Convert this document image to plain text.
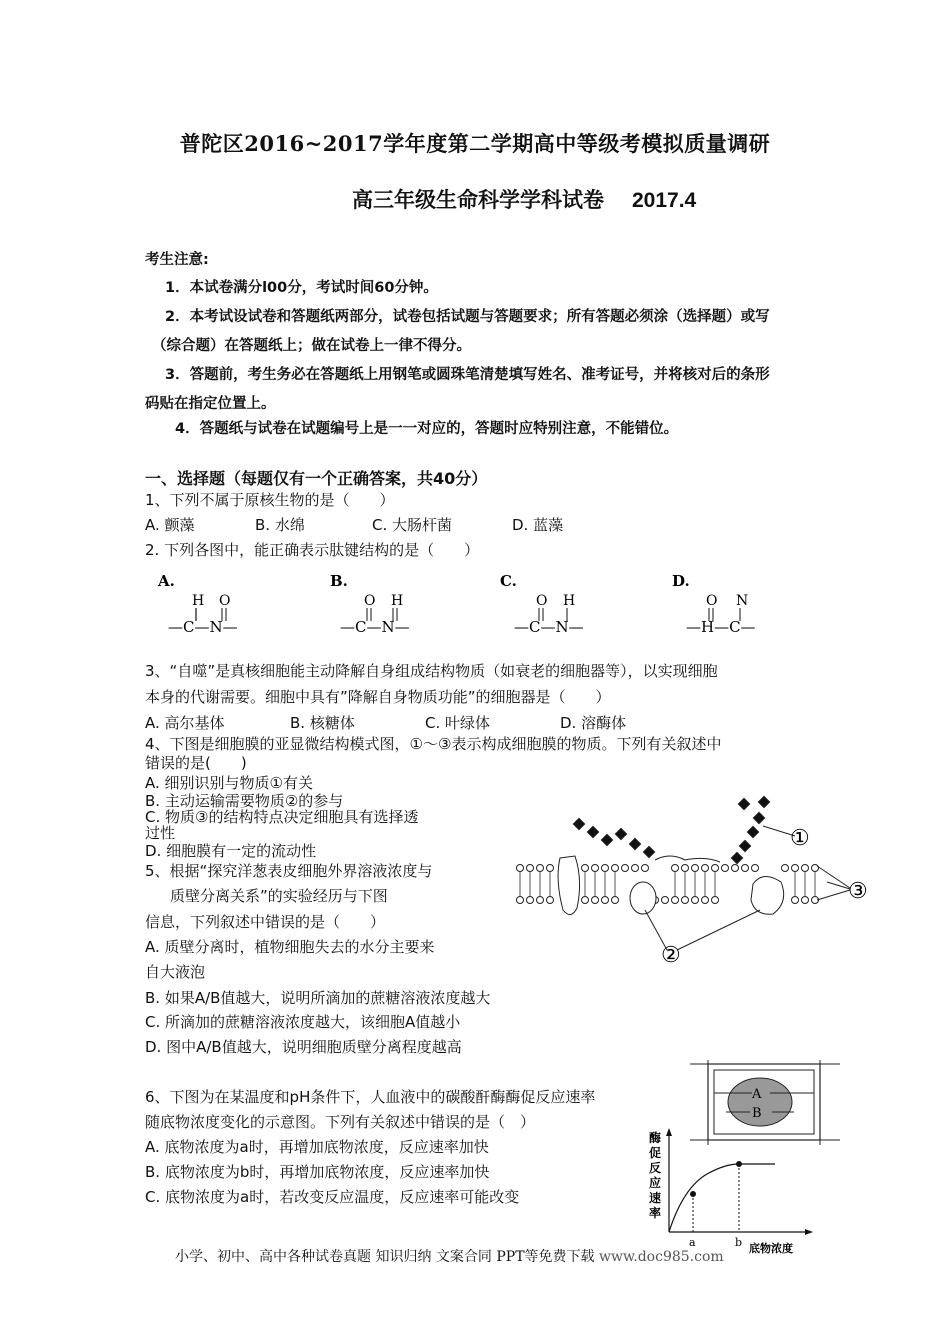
普陀区2016~2017学年度第二学期高中等级考模拟质量调研
高三年级生命科学学科试卷 2017.4
考生注意:
1．本试卷满分l00分，考试时间60分钟。
2．本考试设试卷和答题纸两部分，试卷包括试题与答题要求；所有答题必须涂（选择题）或写
（综合题）在答题纸上；做在试卷上一律不得分。
3．答题前，考生务必在答题纸上用钢笔或圆珠笔清楚填写姓名、准考证号，并将核对后的条形
码贴在指定位置上。
4．答题纸与试卷在试题编号上是一一对应的，答题时应特别注意，不能错位。
一、选择题（每题仅有一个正确答案，共40分）
1、下列不属于原核生物的是（　　）
A. 颤藻	B. 水绵	C. 大肠杆菌	D. 蓝藻
2. 下列各图中，能正确表示肽键结构的是（　　）
A.
H O
—C—N—
B.
O H
—C—N—
C.
O H
—C—N—
D.
O N
—H—C—
3、“自噬”是真核细胞能主动降解自身组成结构物质（如衰老的细胞器等），以实现细胞
本身的代谢需要。细胞中具有”降解自身物质功能”的细胞器是（　　）
A. 高尔基体	B. 核糖体	C. 叶绿体	D. 溶酶体
4、下图是细胞膜的亚显微结构模式图，①～③表示构成细胞膜的物质。下列有关叙述中
错误的是(　　)
A. 细别识别与物质①有关
B. 主动运输需要物质②的参与
C. 物质③的结构特点决定细胞具有选择透
过性
D. 细胞膜有一定的流动性	①
②
③
5、根据“探究洋葱表皮细胞外界溶液浓度与
质壁分离关系”的实验经历与下图
信息，下列叙述中错误的是（　　）
A. 质壁分离时，植物细胞失去的水分主要来
自大液泡
B. 如果A/B值越大，说明所滴加的蔗糖溶液浓度越大
C. 所滴加的蔗糖溶液浓度越大，该细胞A值越小
D. 图中A/B值越大，说明细胞质壁分离程度越高
A
B
6、下图为在某温度和pH条件下，人血液中的碳酸酐酶酶促反应速率
随底物浓度变化的示意图。下列有关叙述中错误的是（　）
A. 底物浓度为a时，再增加底物浓度，反应速率加快
B. 底物浓度为b时，再增加底物浓度，反应速率加快
C. 底物浓度为a时，若改变反应温度，反应速率可能改变
酶
促
反
应
速
率
a	b 底物浓度
小学、初中、高中各种试卷真题 知识归纳 文案合同 PPT等免费下载 www.doc985.com
